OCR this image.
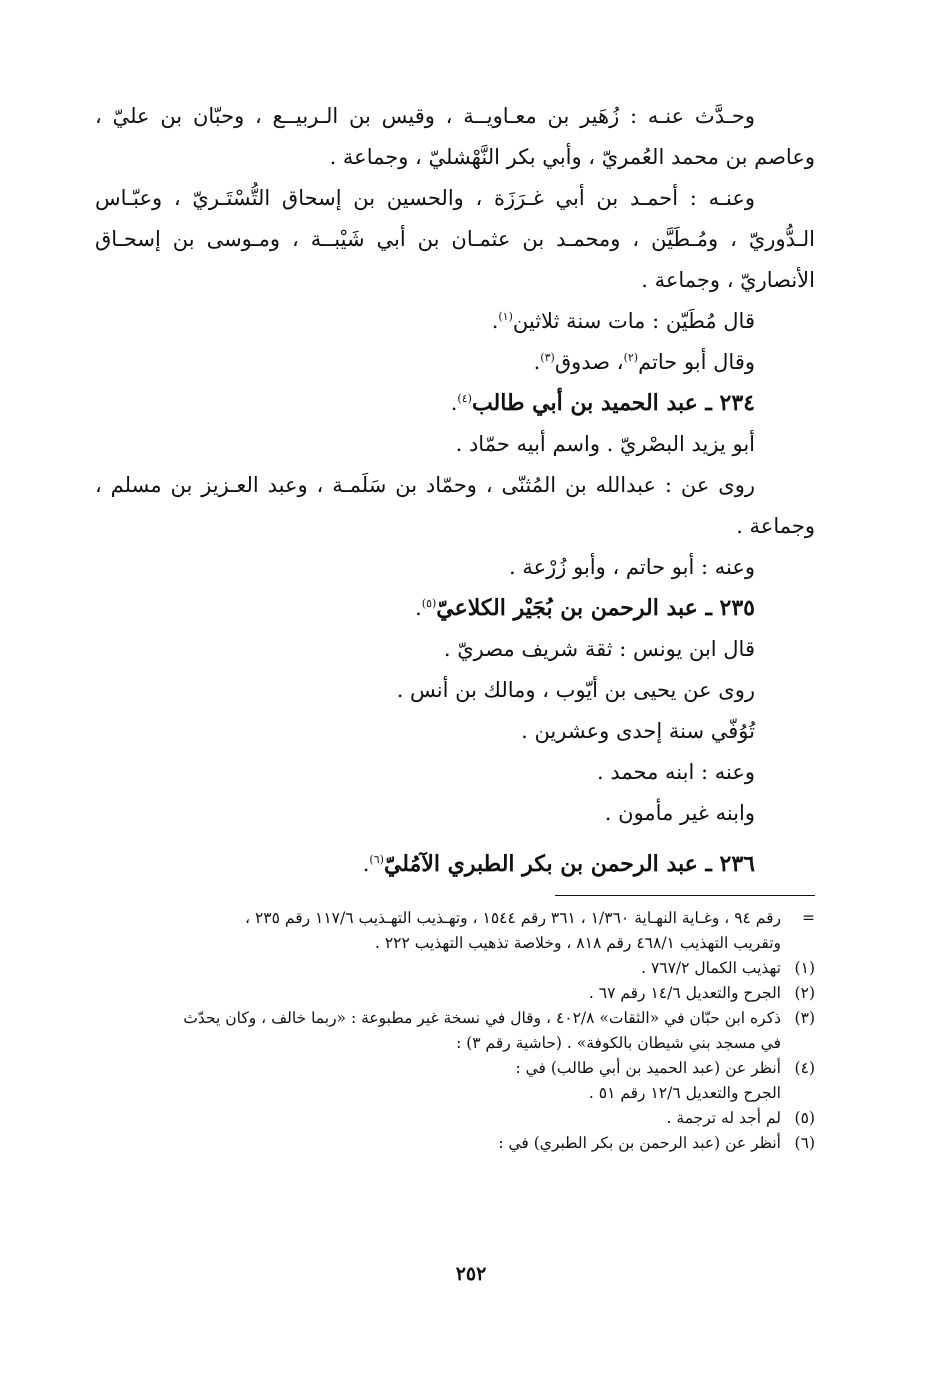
وحـدَّث عنـه : زُهَير بن معـاويــة ، وقيس بن الـربيــع ، وحبّان بن عليّ ،
وعاصم بن محمد العُمريّ ، وأبي بكر النَّهْشليّ ، وجماعة .
وعنـه : أحمـد بن أبي غـرَزَة ، والحسين بن إسحاق التُّسْتَـريّ ، وعبّـاس
الـدُّوريّ ، ومُـطَيَّن ، ومحمـد بن عثمـان بن أبي شَيْبــة ، ومـوسى بن إسحـاق
الأنصاريّ ، وجماعة .
قال مُطَيّن : مات سنة ثلاثين$^{(١)}$.
وقال أبو حاتم$^{(٢)}$، صدوق$^{(٣)}$.
٢٣٤ ـ عبد الحميد بن أبي طالب$^{(٤)}$.
أبو يزيد البصْريّ . واسم أبيه حمّاد .
روى عن : عبدالله بن المُثنّى ، وحمّاد بن سَلَمـة ، وعبد العـزيز بن مسلم ،
وجماعة .
وعنه : أبو حاتم ، وأبو زُرْعة .
٢٣٥ ـ عبد الرحمن بن بُجَيْر الكلاعيّ$^{(٥)}$.
قال ابن يونس : ثقة شريف مصريّ .
روى عن يحيى بن أيّوب ، ومالك بن أنس .
تُوُفّي سنة إحدى وعشرين .
وعنه : ابنه محمد .
وابنه غير مأمون .
٢٣٦ ـ عبد الرحمن بن بكر الطبري الآمُليّ$^{(٦)}$.
=
رقم ٩٤ ، وغـاية النهـاية ١/٣٦٠ ، ٣٦١ رقم ١٥٤٤ ، وتهـذيب التهـذيب ١١٧/٦ رقم ٢٣٥ ،
وتقريب التهذيب ٤٦٨/١ رقم ٨١٨ ، وخلاصة تذهيب التهذيب ٢٢٢ .
(١)
تهذيب الكمال ٧٦٧/٢ .
(٢)
الجرح والتعديل ١٤/٦ رقم ٦٧ .
(٣)
ذكره ابن حبّان في «الثقات» ٤٠٢/٨ ، وقال في نسخة غير مطبوعة : «ربما خالف ، وكان يحدّث
في مسجد بني شيطان بالكوفة» . (حاشية رقم ٣) :
(٤)
أنظر عن (عبد الحميد بن أبي طالب) في :
الجرح والتعديل ١٢/٦ رقم ٥١ .
(٥)
لم أجد له ترجمة .
(٦)
أنظر عن (عبد الرحمن بن بكر الطبري) في :
٢٥٢
